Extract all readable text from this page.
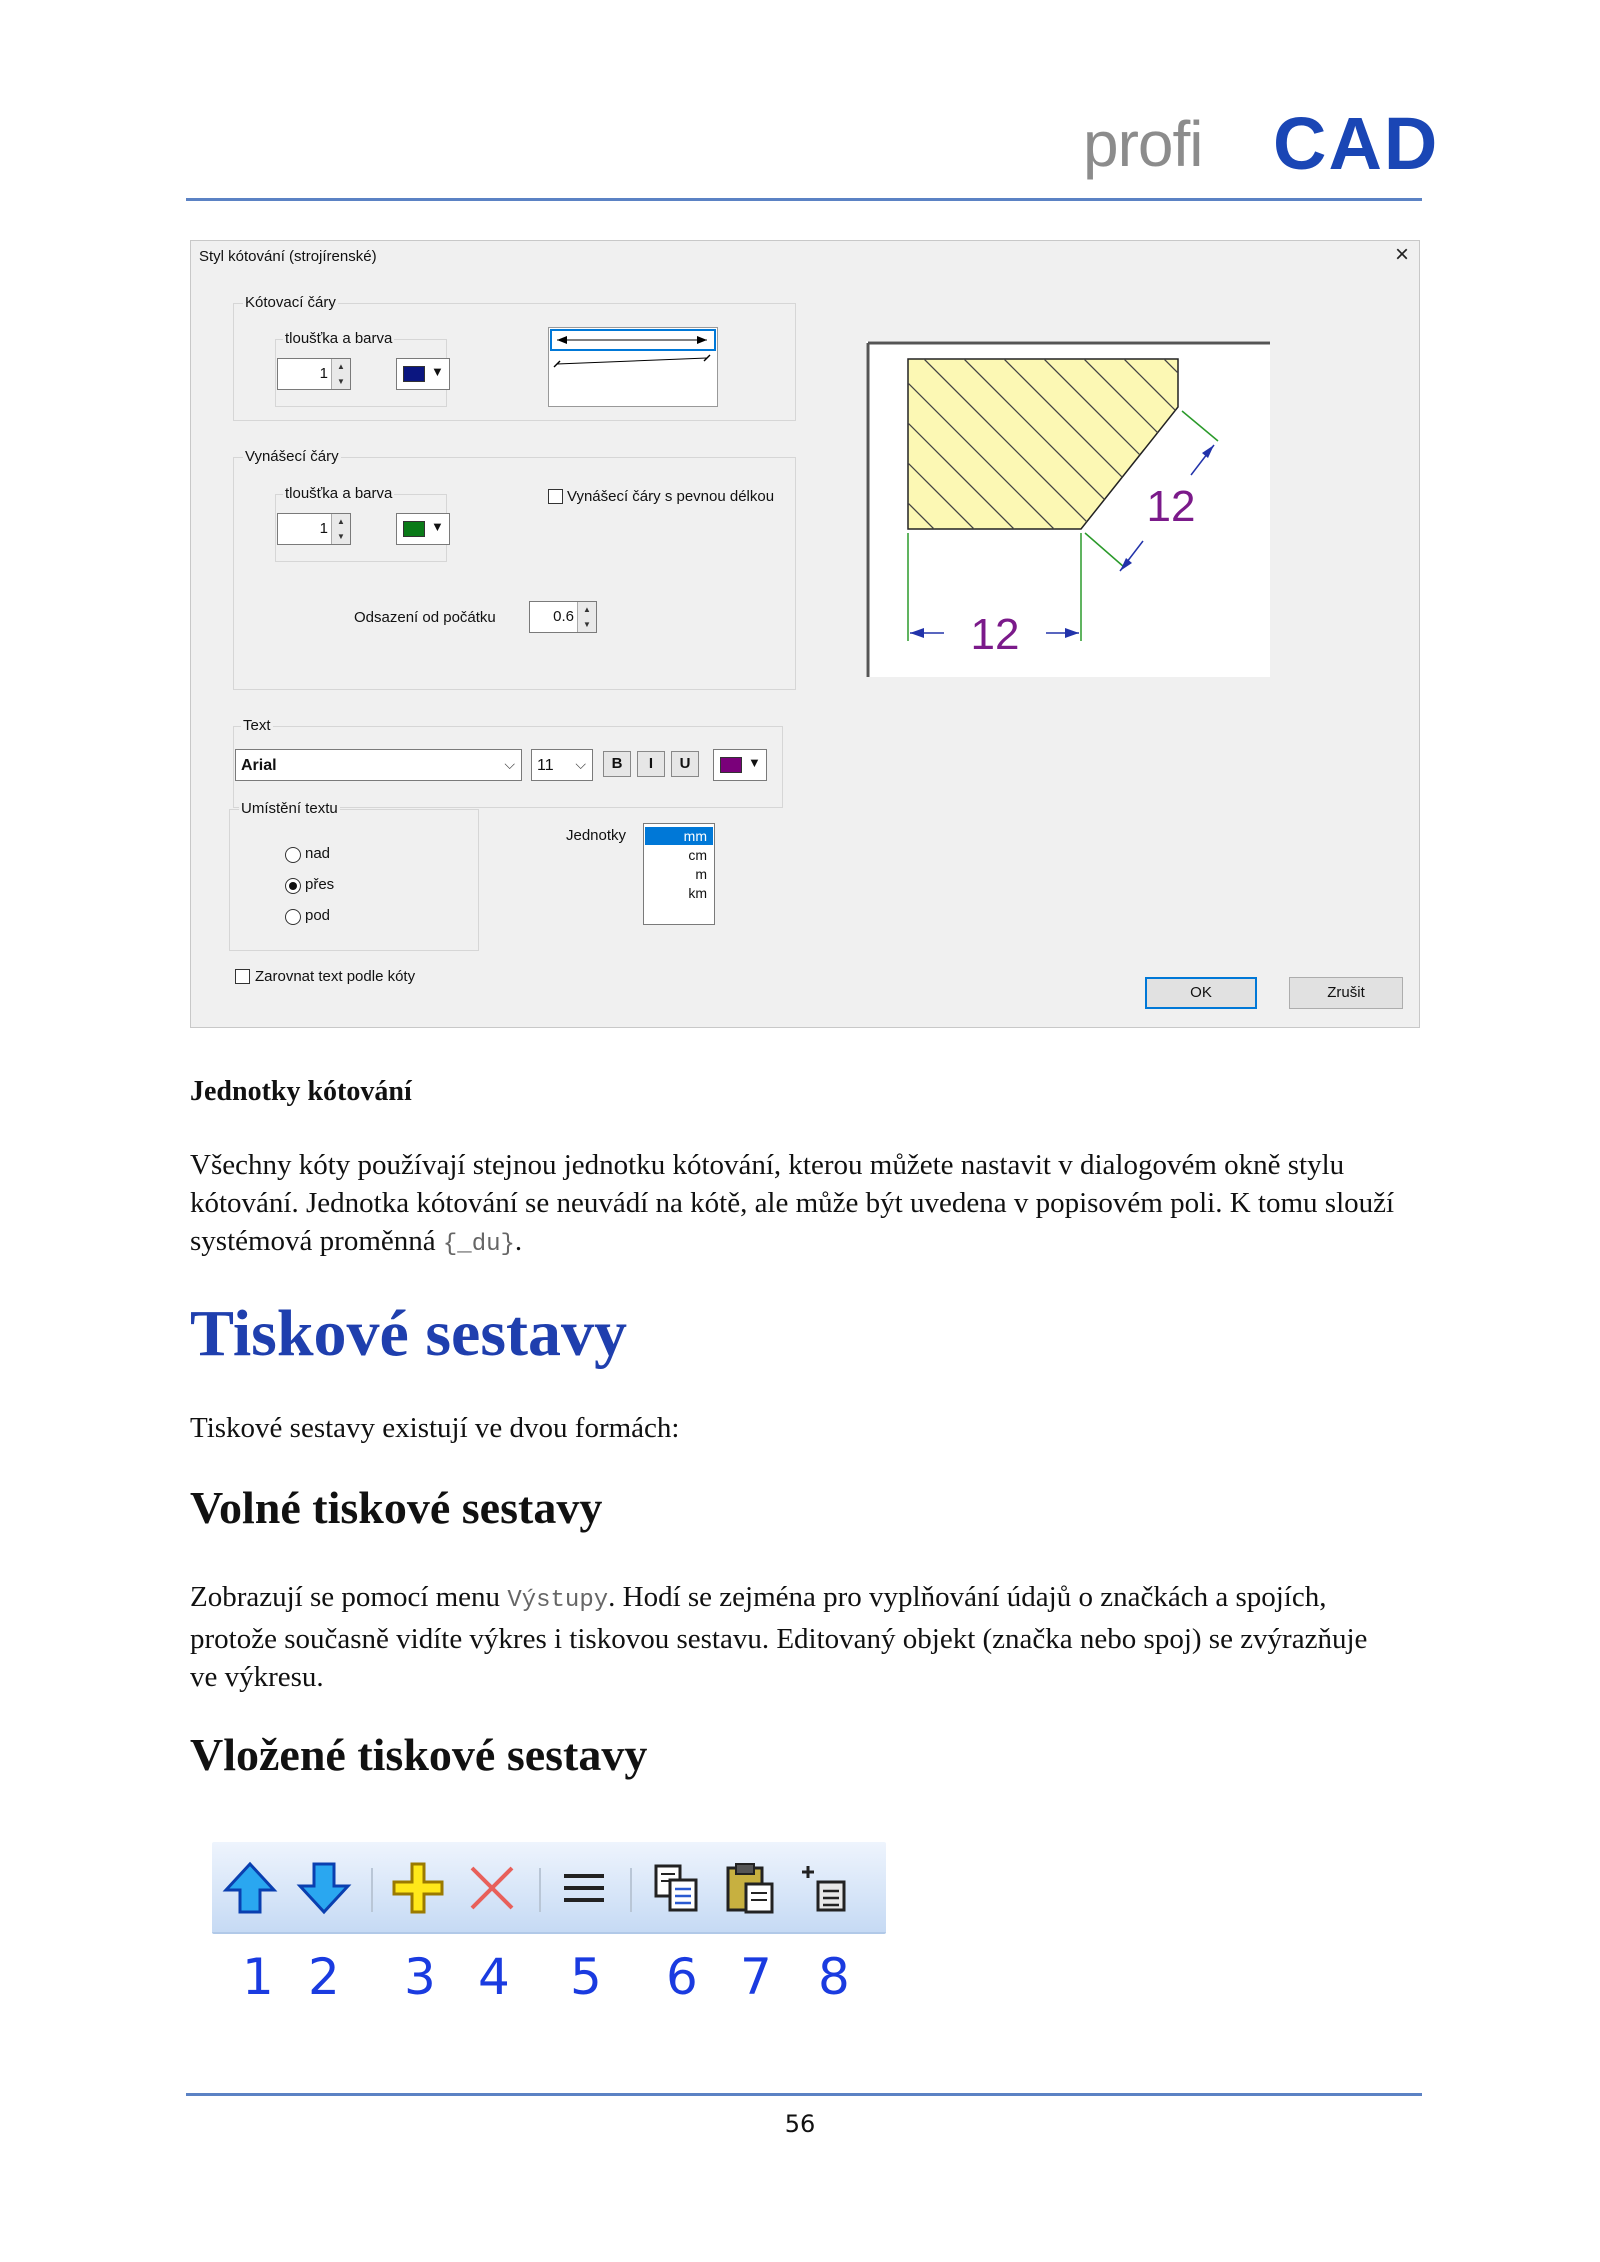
profi CAD
Styl kótování (strojírenské)	×
Kótovací čáry
tloušťka a barva
1	▲
▼
▼
Vynášecí čáry
tloušťka a barva
1	▲
▼
▼
Vynášecí čáry s pevnou délkou
Odsazení od počátku	0.6	▲
▼	12
12
Text
Arial	⌵ 11 ⌵	B	I	U	▼
Umístění textu
nad
přes
pod
Jednotky	mm
cm
m
km
Zarovnat text podle kóty
OK	Zrušit
Jednotky kótování
Všechny kóty používají stejnou jednotku kótování, kterou můžete nastavit v dialogovém okně stylu kótování. Jednotka kótování se neuvádí na kótě, ale může být uvedena v popisovém poli. K tomu slouží systémová proměnná {_du}.
Tiskové sestavy
Tiskové sestavy existují ve dvou formách:
Volné tiskové sestavy
Zobrazují se pomocí menu Výstupy. Hodí se zejména pro vyplňování údajů o značkách a spojích, protože současně vidíte výkres i tiskovou sestavu. Editovaný objekt (značka nebo spoj) se zvýrazňuje ve výkresu.
Vložené tiskové sestavy
1 2 3 4 5 6 7 8
56
